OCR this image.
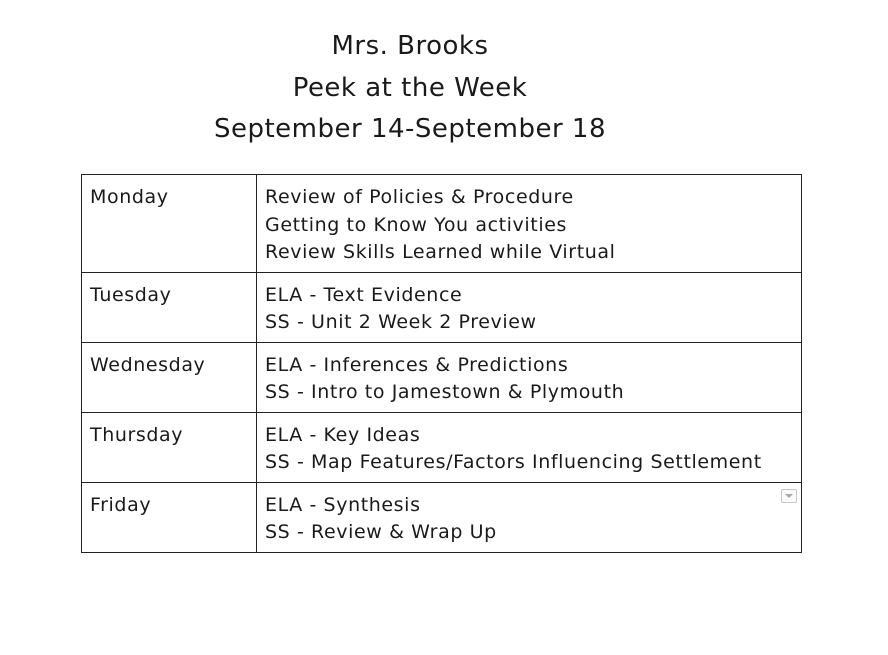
Mrs. Brooks
Peek at the Week
September 14-September 18
Monday	Review of Policies & Procedure
Getting to Know You activities
Review Skills Learned while Virtual

Tuesday	ELA - Text Evidence
SS - Unit 2 Week 2 Preview

Wednesday	ELA - Inferences & Predictions
SS - Intro to Jamestown & Plymouth

Thursday	ELA - Key Ideas
SS - Map Features/Factors Influencing Settlement

Friday	ELA - Synthesis
SS - Review & Wrap Up
